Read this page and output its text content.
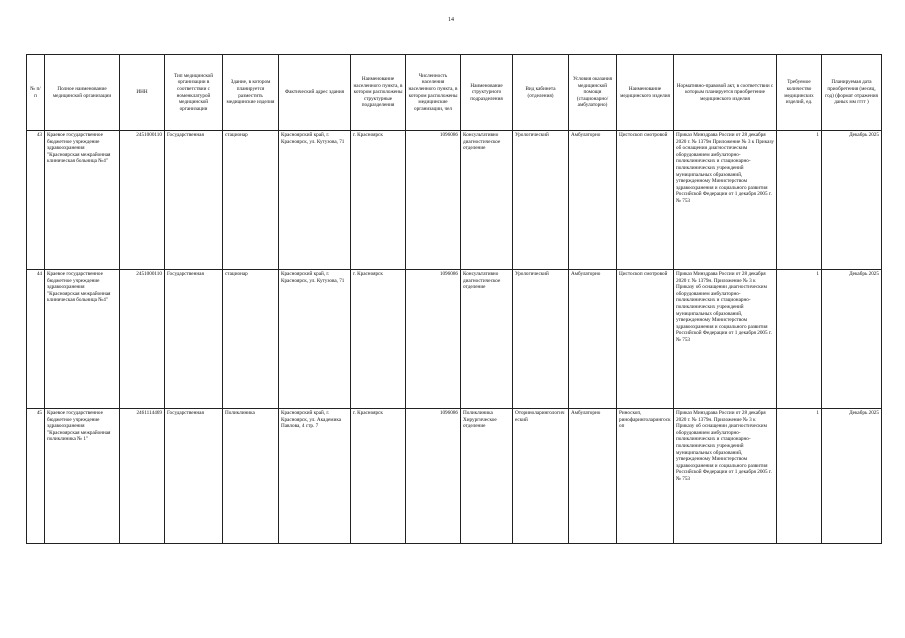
14
№ п/п	Полное наименование медицинской организации	ИНН	Тип медицинской организации в соответствии с номенклатурой медицинской организации	Здание, в котором планируется разместить медицинские изделия	Фактический адрес здания	Наименование населенного пункта, в котором расположены структурные подразделения	Численность населения населенного пункта, в котором расположены медицинские организации, чел	Наименование структурного подразделения	Вид кабинета (отделения)	Условия оказания медицинской помощи (стационарно/амбулаторно)	Наименование медицинского изделия	Нормативно-правовой акт, в соответствии с которым планируется приобретение медицинского изделия	Требуемое количество медицинских изделий, ед.	Планируемая дата приобретения (месяц, год) (формат отражения даных мм гггг )
43	Краевое государственное бюджетное учреждение здравоохранения "Красноярская межрайонная клиническая больница №4"	2451000110	Государственная	стационар	Красноярский край, г. Красноярск, ул. Кутузова, 71	г. Красноярск	1096086	Консультативно диагностическое отделение	Урологический	Амбулаторно	Цистоскоп смотровой	Приказ Минздрава России от 28 декабря 2020 г. № 1379н Приложение № 3 к Приказу об оснащении диагностическим оборудованием амбулаторно-поликлинических и стационарно-поликлинических учреждений муниципальных образований, утвержденному Министерством здравоохранения и социального развития Российской Федерации от 1 декабря 2005 г. № 753	1	Декабрь 2025
44	Краевое государственное бюджетное учреждение здравоохранения "Красноярская межрайонная клиническая больница №4"	2451000110	Государственная	стационар	Красноярский край, г. Красноярск, ул. Кутузова, 71	г. Красноярск	1096086	Консультативно диагностическое отделение	Урологический	Амбулаторно	Цистоскоп смотровой	Приказ Минздрава России от 28 декабря 2020 г. № 1379н. Приложение № 3 к Приказу об оснащении диагностическим оборудованием амбулаторно-поликлинических и стационарно-поликлинических учреждений муниципальных образований, утвержденному Министерством здравоохранения и социального развития Российской Федерации от 1 декабря 2005 г. № 753	1	Декабрь 2025
45	Краевое государственное бюджетное учреждение здравоохранения "Красноярская межрайонная поликлиника № 1"	2461114469	Государственная	Поликлиника	Красноярский край, г. Красноярск, ул. Академика Павлова, 4 стр. 7	г. Красноярск	1096086	Поликлиника Хирургическое отделение	Оториноларингологический	Амбулаторно	Риноскоп, ринофаринголарингоскоп	Приказ Минздрава России от 28 декабря 2020 г. № 1379н. Приложение № 3 к Приказу об оснащении диагностическим оборудованием амбулаторно-поликлинических и стационарно-поликлинических учреждений муниципальных образований, утвержденному Министерством здравоохранения и социального развития Российской Федерации от 1 декабря 2005 г. № 753	1	Декабрь 2025
